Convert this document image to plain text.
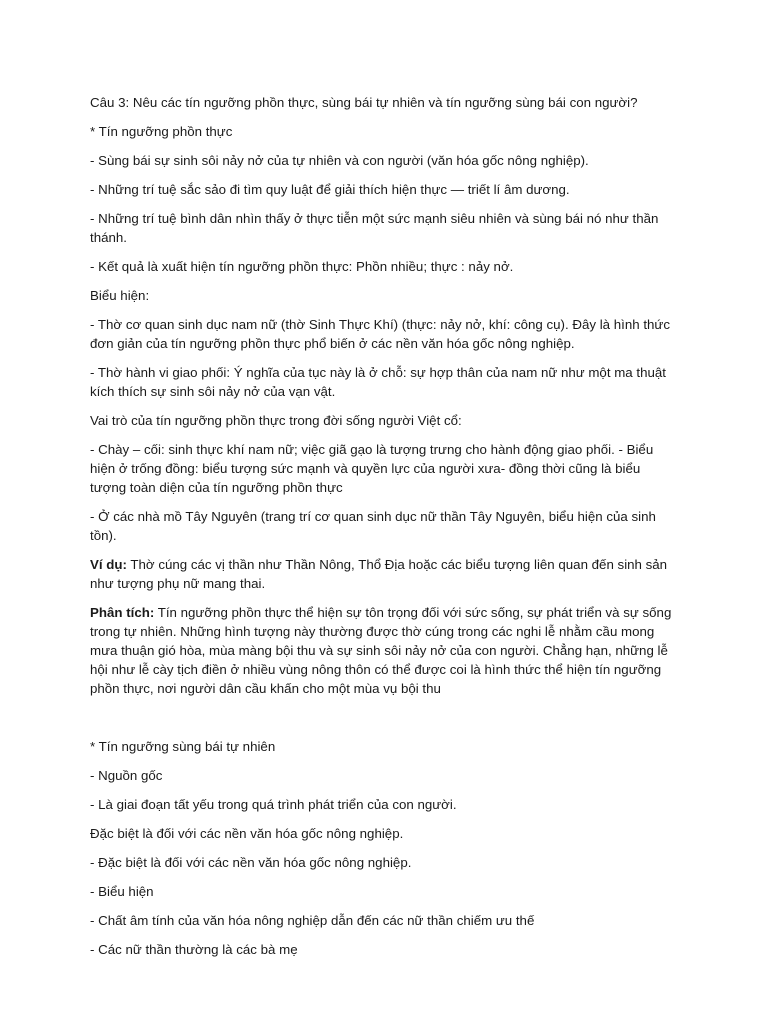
Câu 3: Nêu các tín ngưỡng phồn thực, sùng bái tự nhiên và tín ngưỡng sùng bái con người?

* Tín ngưỡng phồn thực

- Sùng bái sự sinh sôi nảy nở của tự nhiên và con người (văn hóa gốc nông nghiệp).

- Những trí tuệ sắc sảo đi tìm quy luật để giải thích hiện thực — triết lí âm dương.

- Những trí tuệ bình dân nhìn thấy ở thực tiễn một sức mạnh siêu nhiên và sùng bái nó như thần thánh.

- Kết quả là xuất hiện tín ngưỡng phồn thực: Phồn nhiều; thực : nảy nở.

Biểu hiện:

- Thờ cơ quan sinh dục nam nữ (thờ Sinh Thực Khí) (thực: nảy nở, khí: công cụ). Đây là hình thức đơn giản của tín ngưỡng phồn thực phổ biến ở các nền văn hóa gốc nông nghiệp.

- Thờ hành vi giao phối: Ý nghĩa của tục này là ở chỗ: sự hợp thân của nam nữ như một ma thuật kích thích sự sinh sôi nảy nở của vạn vật.

Vai trò của tín ngưỡng phồn thực trong đời sống người Việt cổ:

- Chày – cối: sinh thực khí nam nữ; việc giã gạo là tượng trưng cho hành động giao phối. - Biểu hiện ở trống đồng: biểu tượng sức mạnh và quyền lực của người xưa- đồng thời cũng là biểu tượng toàn diện của tín ngưỡng phồn thực

- Ở các nhà mồ Tây Nguyên (trang trí cơ quan sinh dục nữ thần Tây Nguyên, biểu hiện của sinh tồn).

Ví dụ: Thờ cúng các vị thần như Thần Nông, Thổ Địa hoặc các biểu tượng liên quan đến sinh sản như tượng phụ nữ mang thai.

Phân tích: Tín ngưỡng phồn thực thể hiện sự tôn trọng đối với sức sống, sự phát triển và sự sống trong tự nhiên. Những hình tượng này thường được thờ cúng trong các nghi lễ nhằm cầu mong mưa thuận gió hòa, mùa màng bội thu và sự sinh sôi nảy nở của con người. Chẳng hạn, những lễ hội như lễ cày tịch điền ở nhiều vùng nông thôn có thể được coi là hình thức thể hiện tín ngưỡng phồn thực, nơi người dân cầu khấn cho một mùa vụ bội thu

* Tín ngưỡng sùng bái tự nhiên

- Nguồn gốc

- Là giai đoạn tất yếu trong quá trình phát triển của con người.

Đặc biệt là đối với các nền văn hóa gốc nông nghiệp.

- Đặc biệt là đối với các nền văn hóa gốc nông nghiệp.

- Biểu hiện

- Chất âm tính của văn hóa nông nghiệp dẫn đến các nữ thần chiếm ưu thế

- Các nữ thần thường là các bà mẹ
